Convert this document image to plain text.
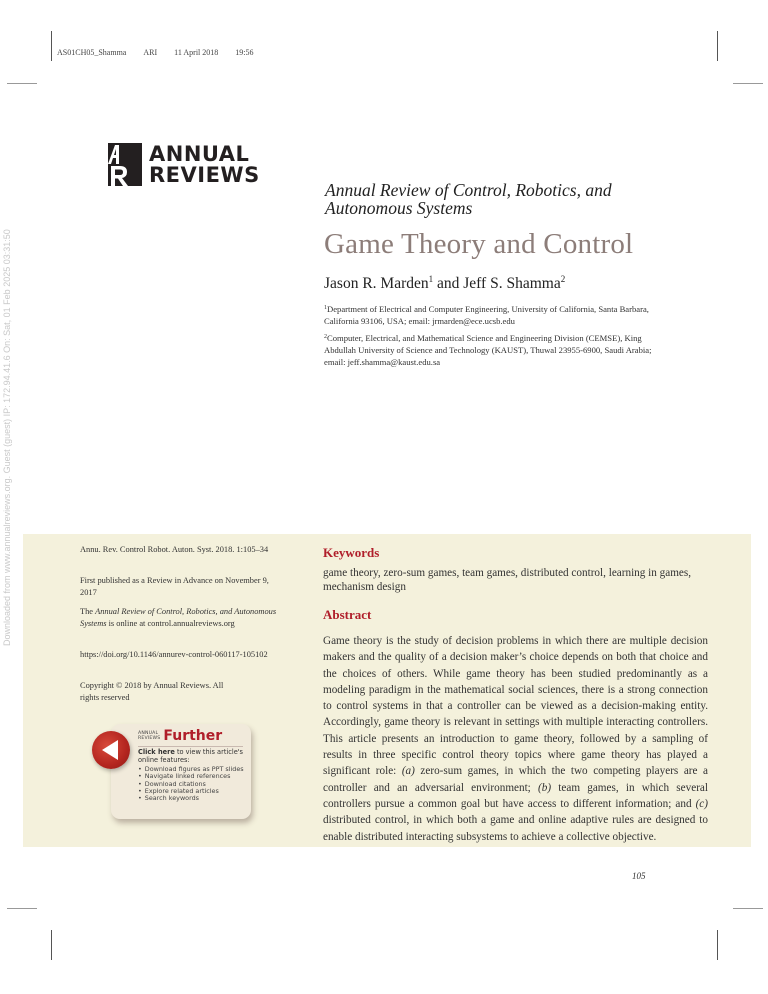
AS01CH05_Shamma ARI 11 April 2018 19:56
Downloaded from www.annualreviews.org. Guest (guest) IP: 172.94.41.6 On: Sat, 01 Feb 2025 03:31:50
ANNUAL
REVIEWS
Annual Review of Control, Robotics, and Autonomous Systems
Game Theory and Control
Jason R. Marden$^1$ and Jeff S. Shamma$^2$
$^1$Department of Electrical and Computer Engineering, University of California, Santa Barbara, California 93106, USA; email: jrmarden@ece.ucsb.edu
$^2$Computer, Electrical, and Mathematical Science and Engineering Division (CEMSE), King Abdullah University of Science and Technology (KAUST), Thuwal 23955-6900, Saudi Arabia; email: jeff.shamma@kaust.edu.sa
Annu. Rev. Control Robot. Auton. Syst. 2018. 1:105–34
First published as a Review in Advance on November 9, 2017
The Annual Review of Control, Robotics, and Autonomous Systems is online at control.annualreviews.org
https://doi.org/10.1146/annurev-control-060117-105102
Copyright © 2018 by Annual Reviews. All rights reserved
ANNUAL
REVIEWS Further
Click here to view this article's online features:
• Download figures as PPT slides
• Navigate linked references
• Download citations
• Explore related articles
• Search keywords
Keywords
game theory, zero-sum games, team games, distributed control, learning in games, mechanism design
Abstract
Game theory is the study of decision problems in which there are multiple decision makers and the quality of a decision maker’s choice depends on both that choice and the choices of others. While game theory has been studied predominantly as a modeling paradigm in the mathematical social sciences, there is a strong connection to control systems in that a controller can be viewed as a decision-making entity. Accordingly, game theory is relevant in settings with multiple interacting controllers. This article presents an introduction to game theory, followed by a sampling of results in three specific control theory topics where game theory has played a significant role: (a) zero-sum games, in which the two competing players are a controller and an adversarial environment; (b) team games, in which several controllers pursue a common goal but have access to different information; and (c) distributed control, in which both a game and online adaptive rules are designed to enable distributed interacting subsystems to achieve a collective objective.
105
